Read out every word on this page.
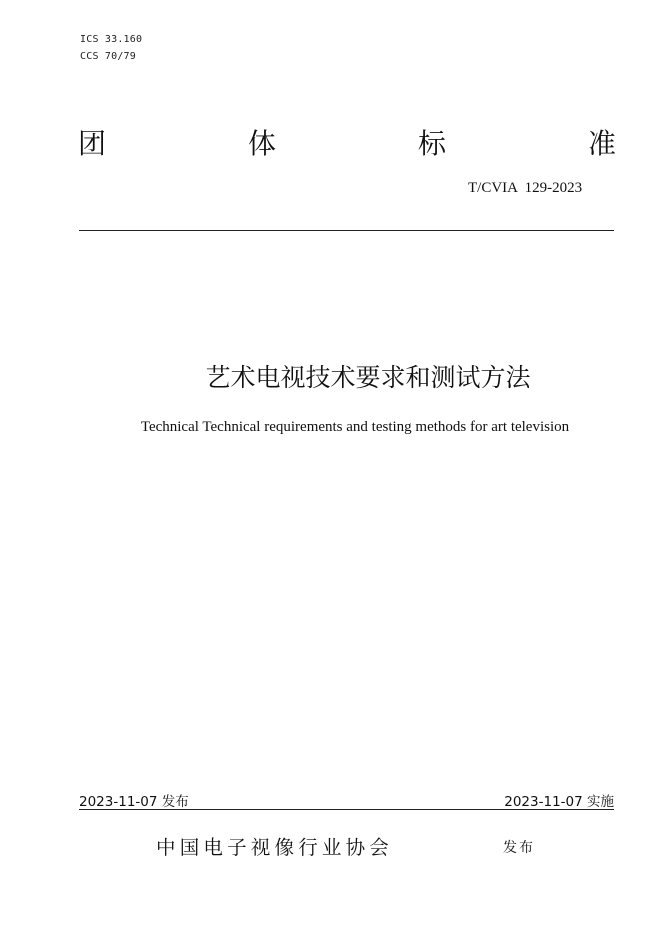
ICS 33.160
CCS 70/79
团	体	标	准
T/CVIA  129-2023
艺术电视技术要求和测试方法
Technical Technical requirements and testing methods for art television
2023-11-07 发布	2023-11-07 实施
中国电子视像行业协会	发布
